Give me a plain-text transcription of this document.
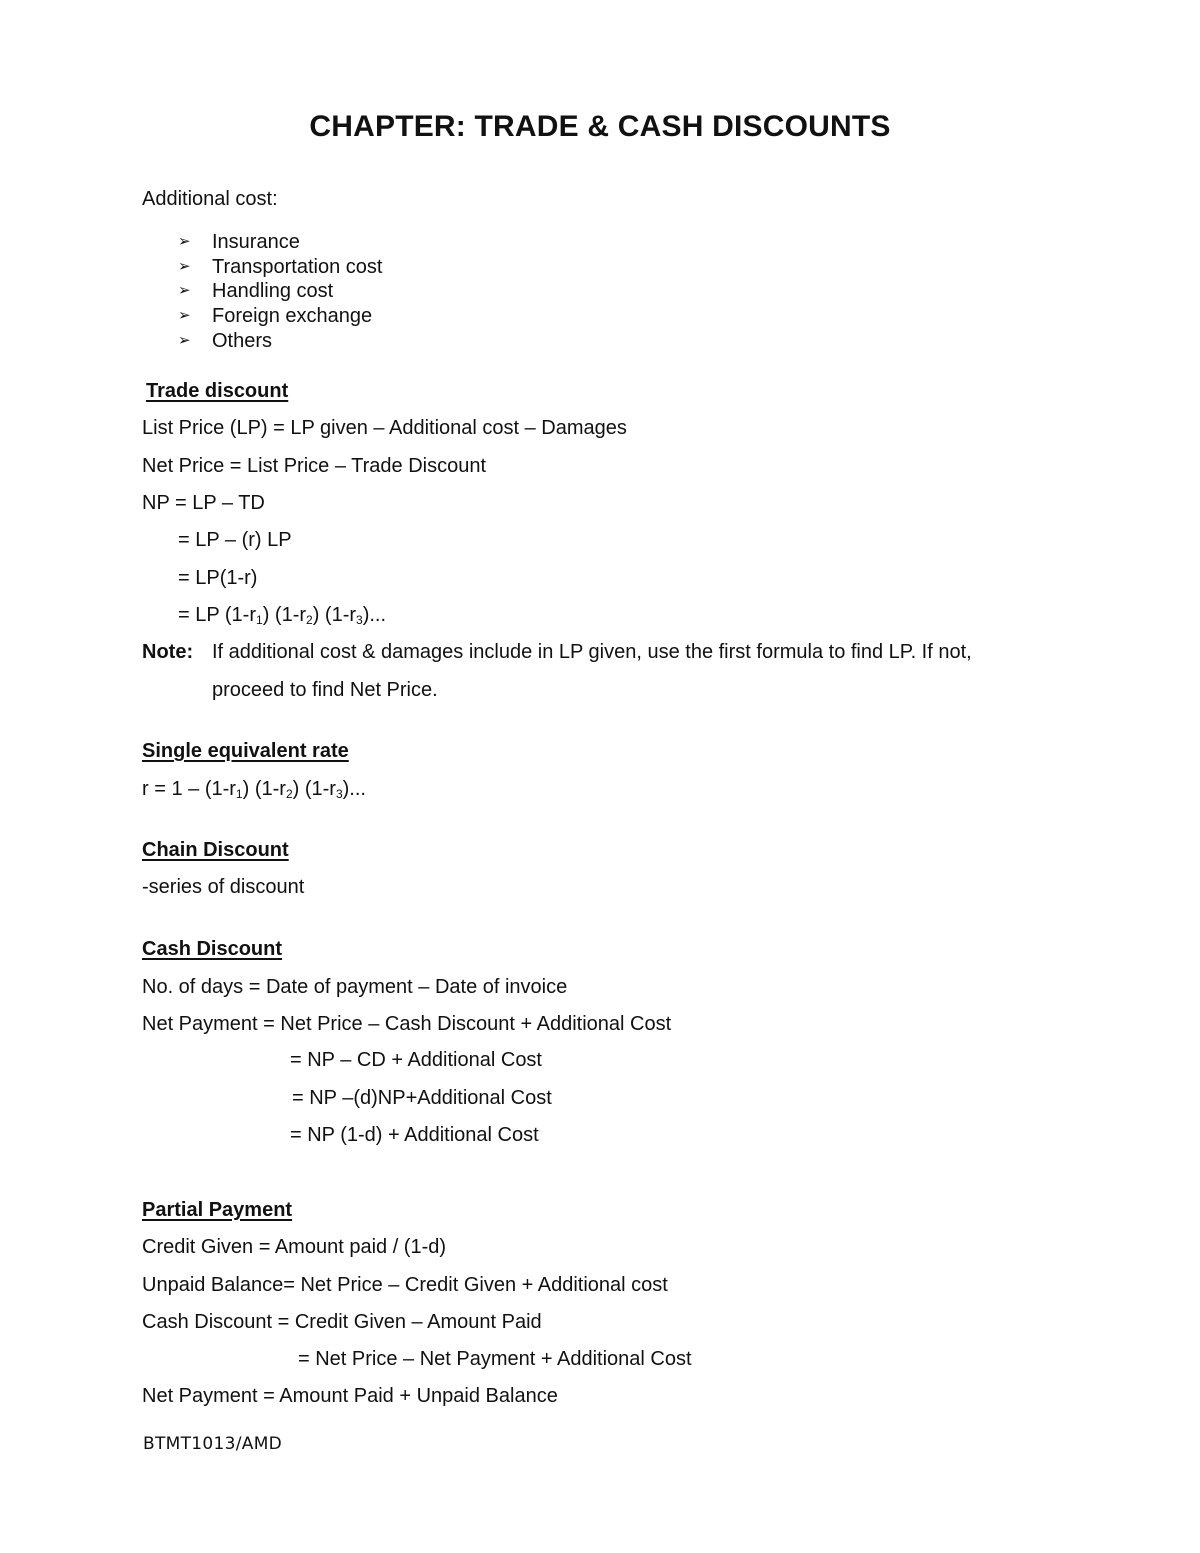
CHAPTER: TRADE & CASH DISCOUNTS
Additional cost:
➢	Insurance
➢	Transportation cost
➢	Handling cost
➢	Foreign exchange
➢	Others
Trade discount
List Price (LP) = LP given – Additional cost – Damages
Net Price = List Price – Trade Discount
NP = LP – TD
= LP – (r) LP
= LP(1-r)
= LP $(1-r_1)$ $(1-r_2)$ $(1-r_3)$...
Note: If additional cost & damages include in LP given, use the first formula to find LP. If not,
proceed to find Net Price.
Single equivalent rate
$r = 1 - (1-r_1)$ $(1-r_2)$ $(1-r_3)$...
Chain Discount
-series of discount
Cash Discount
No. of days = Date of payment – Date of invoice
Net Payment = Net Price – Cash Discount + Additional Cost
= NP – CD + Additional Cost
= NP –(d)NP+Additional Cost
= NP (1-d) + Additional Cost
Partial Payment
Credit Given = Amount paid / (1-d)
Unpaid Balance= Net Price – Credit Given + Additional cost
Cash Discount = Credit Given – Amount Paid
= Net Price – Net Payment + Additional Cost
Net Payment = Amount Paid + Unpaid Balance
BTMT1013/AMD
